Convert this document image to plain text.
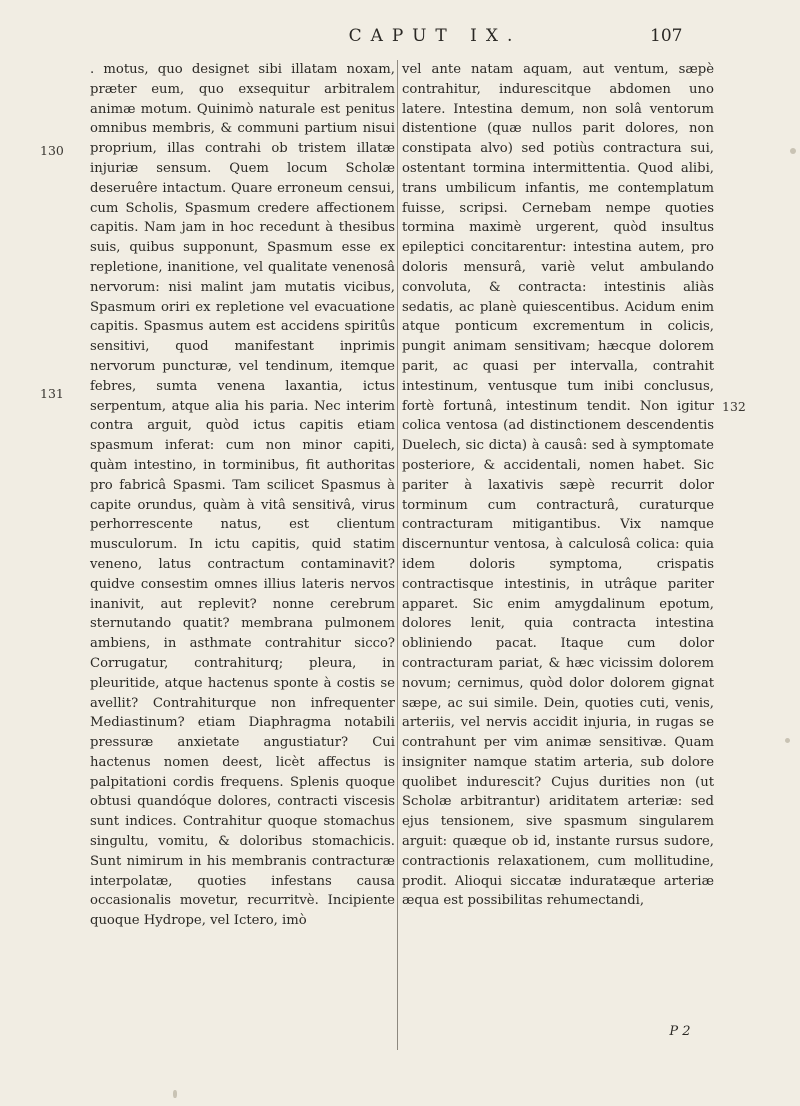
CAPUT IX.	107
130
131
132

. motus, quo designet sibi illatam noxam, præter eum, quo exsequitur arbitralem animæ motum. Quinimò naturale est penitus omnibus membris, & communi partium nisui proprium, illas contrahi ob tristem illatæ injuriæ sensum. Quem locum Scholæ deseruêre intactum. Quare erroneum censui, cum Scholis, Spasmum credere affectionem capitis. Nam jam in hoc recedunt à thesibus suis, quibus supponunt, Spasmum esse ex repletione, inanitione, vel qualitate venenosâ nervorum: nisi malint jam mutatis vicibus, Spasmum oriri ex repletione vel evacuatione capitis. Spasmus autem est accidens spiritûs sensitivi, quod manifestant inprimis nervorum puncturæ, vel tendinum, itemque febres, sumta venena laxantia, ictus serpentum, atque alia his paria. Nec interim contra arguit, quòd ictus capitis etiam spasmum inferat: cum non minor capiti, quàm intestino, in torminibus, fit authoritas pro fabricâ Spasmi. Tam scilicet Spasmus à capite orundus, quàm à vitâ sensitivâ, virus perhorrescente natus, est clientum musculorum. In ictu capitis, quid statim veneno, latus contractum contaminavit? quidve consestim omnes illius lateris nervos inanivit, aut replevit? nonne cerebrum sternutando quatit? membrana pulmonem ambiens, in asthmate contrahitur sicco? Corrugatur, contrahiturq; pleura, in pleuritide, atque hactenus sponte à costis se avellit? Contrahiturque non infrequenter Mediastinum? etiam Diaphragma notabili pressuræ anxietate angustiatur? Cui hactenus nomen deest, licèt affectus is palpitationi cordis frequens. Splenis quoque obtusi quandóque dolores, contracti viscesis sunt indices. Contrahitur quoque stomachus singultu, vomitu, & doloribus stomachicis. Sunt nimirum in his membranis contracturæ interpolatæ, quoties infestans causa occasionalis movetur, recurritvè. Incipiente quoque Hydrope, vel Ictero, imò

vel ante natam aquam, aut ventum, sæpè contrahitur, indurescitque abdomen uno latere. Intestina demum, non solâ ventorum distentione (quæ nullos parit dolores, non constipata alvo) sed potiùs contractura sui, ostentant tormina intermittentia. Quod alibi, trans umbilicum infantis, me contemplatum fuisse, scripsi. Cernebam nempe quoties tormina maximè urgerent, quòd insultus epileptici concitarentur: intestina autem, pro doloris mensurâ, variè velut ambulando convoluta, & contracta: intestinis aliàs sedatis, ac planè quiescentibus. Acidum enim atque ponticum excrementum in colicis, pungit animam sensitivam; hæcque dolorem parit, ac quasi per intervalla, contrahit intestinum, ventusque tum inibi conclusus, fortè fortunâ, intestinum tendit. Non igitur colica ventosa (ad distinctionem descendentis Duelech, sic dicta) à causâ: sed à symptomate posteriore, & accidentali, nomen habet. Sic pariter à laxativis sæpè recurrit dolor torminum cum contracturâ, curaturque contracturam mitigantibus. Vix namque discernuntur ventosa, à calculosâ colica: quia idem doloris symptoma, crispatis contractisque intestinis, in utrâque pariter apparet. Sic enim amygdalinum epotum, dolores lenit, quia contracta intestina obliniendo pacat. Itaque cum dolor contracturam pariat, & hæc vicissim dolorem novum; cernimus, quòd dolor dolorem gignat sæpe, ac sui simile. Dein, quoties cuti, venis, arteriis, vel nervis accidit injuria, in rugas se contrahunt per vim animæ sensitivæ. Quam insigniter namque statim arteria, sub dolore quolibet indurescit? Cujus durities non (ut Scholæ arbitrantur) ariditatem arteriæ: sed ejus tensionem, sive spasmum singularem arguit: quæque ob id, instante rursus sudore, contractionis relaxationem, cum mollitudine, prodit. Alioqui siccatæ induratæque arteriæ æqua est possibilitas rehumectandi,

P 2
